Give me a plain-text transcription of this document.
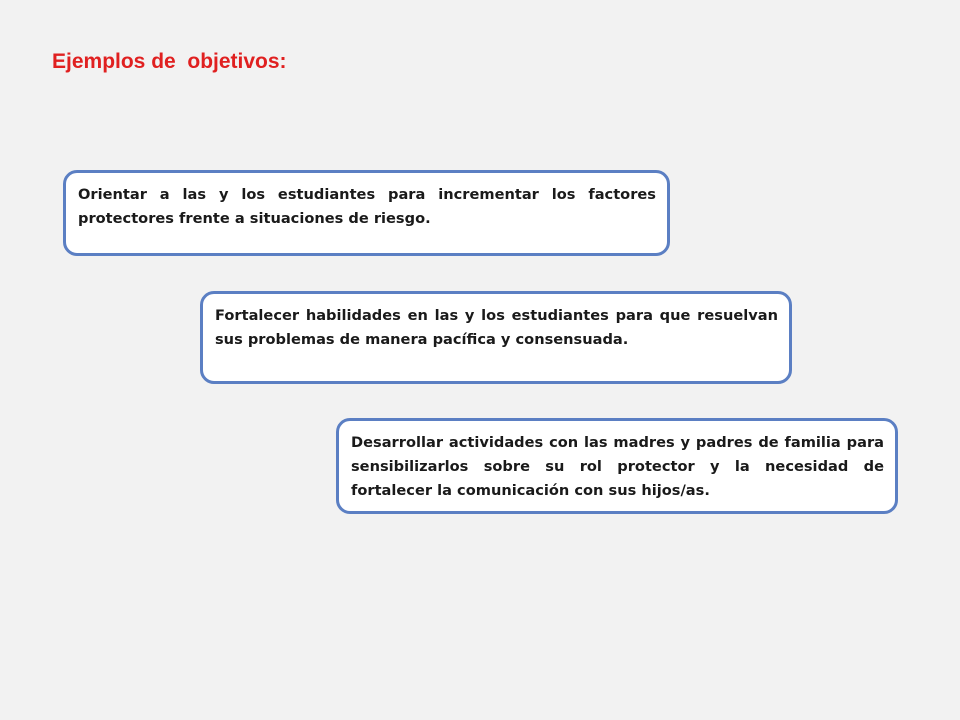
Ejemplos de  objetivos:

Orientar a las y los estudiantes para incrementar los factores protectores frente a situaciones de riesgo.

Fortalecer habilidades en las y los estudiantes para que resuelvan sus problemas de manera pacífica y consensuada.

Desarrollar actividades con las madres y padres de familia para sensibilizarlos sobre su rol protector y la necesidad de fortalecer la comunicación con sus hijos/as.
